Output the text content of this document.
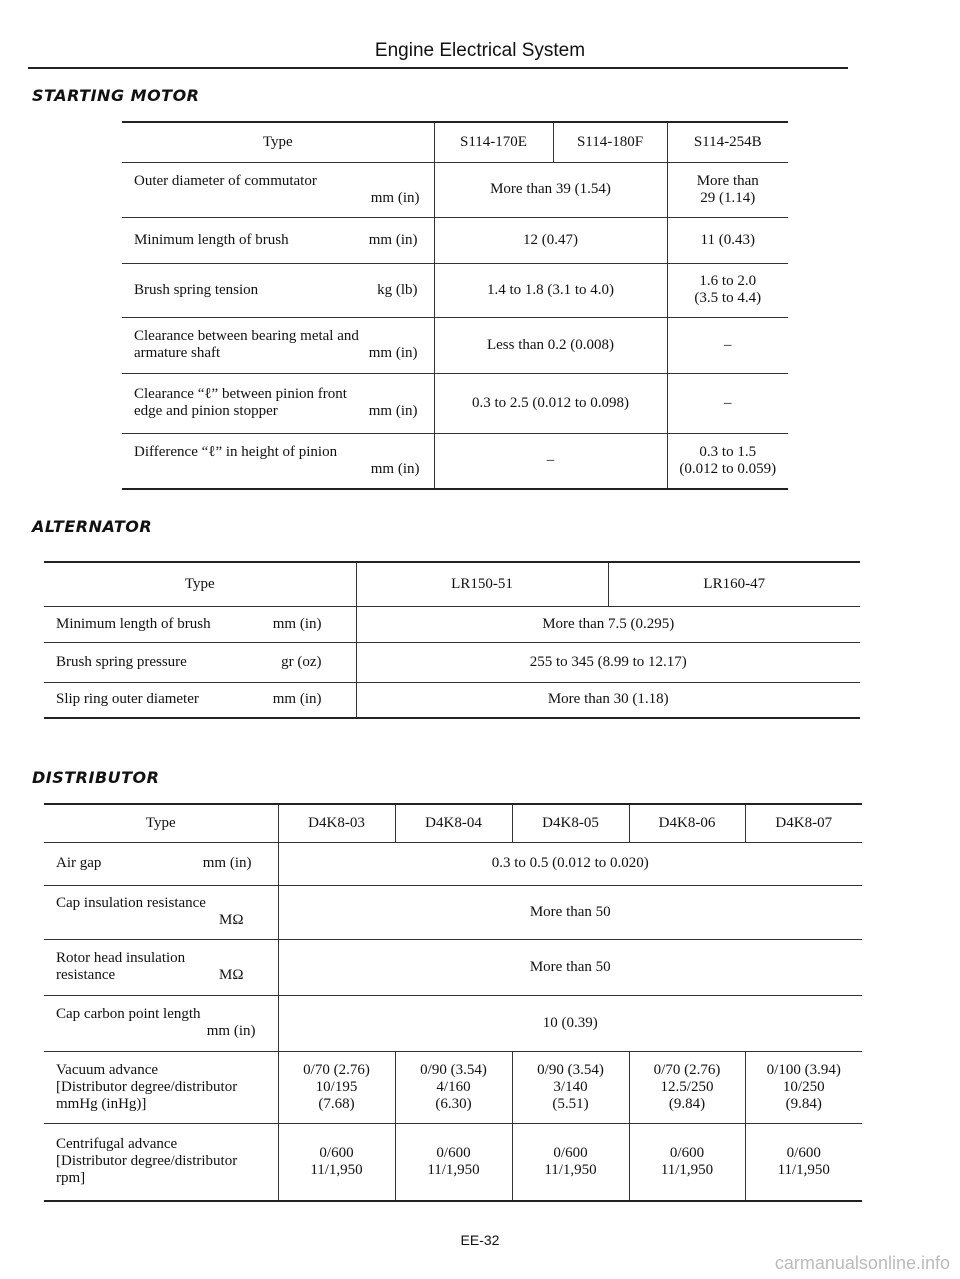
Engine Electrical System
STARTING MOTOR
Type	S114-170E	S114-180F	S114-254B

Outer diameter of commutator
mm (in)	More than 39 (1.54)		More than
29 (1.14)

Minimum length of brush mm (in)	12 (0.47)		11 (0.43)

Brush spring tension kg (lb)	1.4 to 1.8 (3.1 to 4.0)		1.6 to 2.0
(3.5 to 4.4)

Clearance between bearing metal and
armature shaft mm (in)	Less than 0.2 (0.008)		–

Clearance “ℓ” between pinion front
edge and pinion stopper mm (in)	0.3 to 2.5 (0.012 to 0.098)		–

Difference “ℓ” in height of pinion
mm (in)	–		0.3 to 1.5
(0.012 to 0.059)
ALTERNATOR
Type	LR150-51	LR160-47

Minimum length of brush mm (in)	More than 7.5 (0.295)	

Brush spring pressure gr (oz)	255 to 345 (8.99 to 12.17)	

Slip ring outer diameter mm (in)	More than 30 (1.18)	
DISTRIBUTOR
Type	D4K8-03	D4K8-04	D4K8-05	D4K8-06	D4K8-07

Air gap mm (in)	0.3 to 0.5 (0.012 to 0.020)				

Cap insulation resistance
MΩ	More than 50				

Rotor head insulation
resistance MΩ	More than 50				

Cap carbon point length
mm (in)	10 (0.39)				

Vacuum advance
[Distributor degree/distributor
mmHg (inHg)]	0/70 (2.76)
10/195
(7.68)	0/90 (3.54)
4/160
(6.30)	0/90 (3.54)
3/140
(5.51)	0/70 (2.76)
12.5/250
(9.84)	0/100 (3.94)
10/250
(9.84)

Centrifugal advance
[Distributor degree/distributor
rpm]	0/600
11/1,950	0/600
11/1,950	0/600
11/1,950	0/600
11/1,950	0/600
11/1,950
EE-32
carmanualsonline.info
